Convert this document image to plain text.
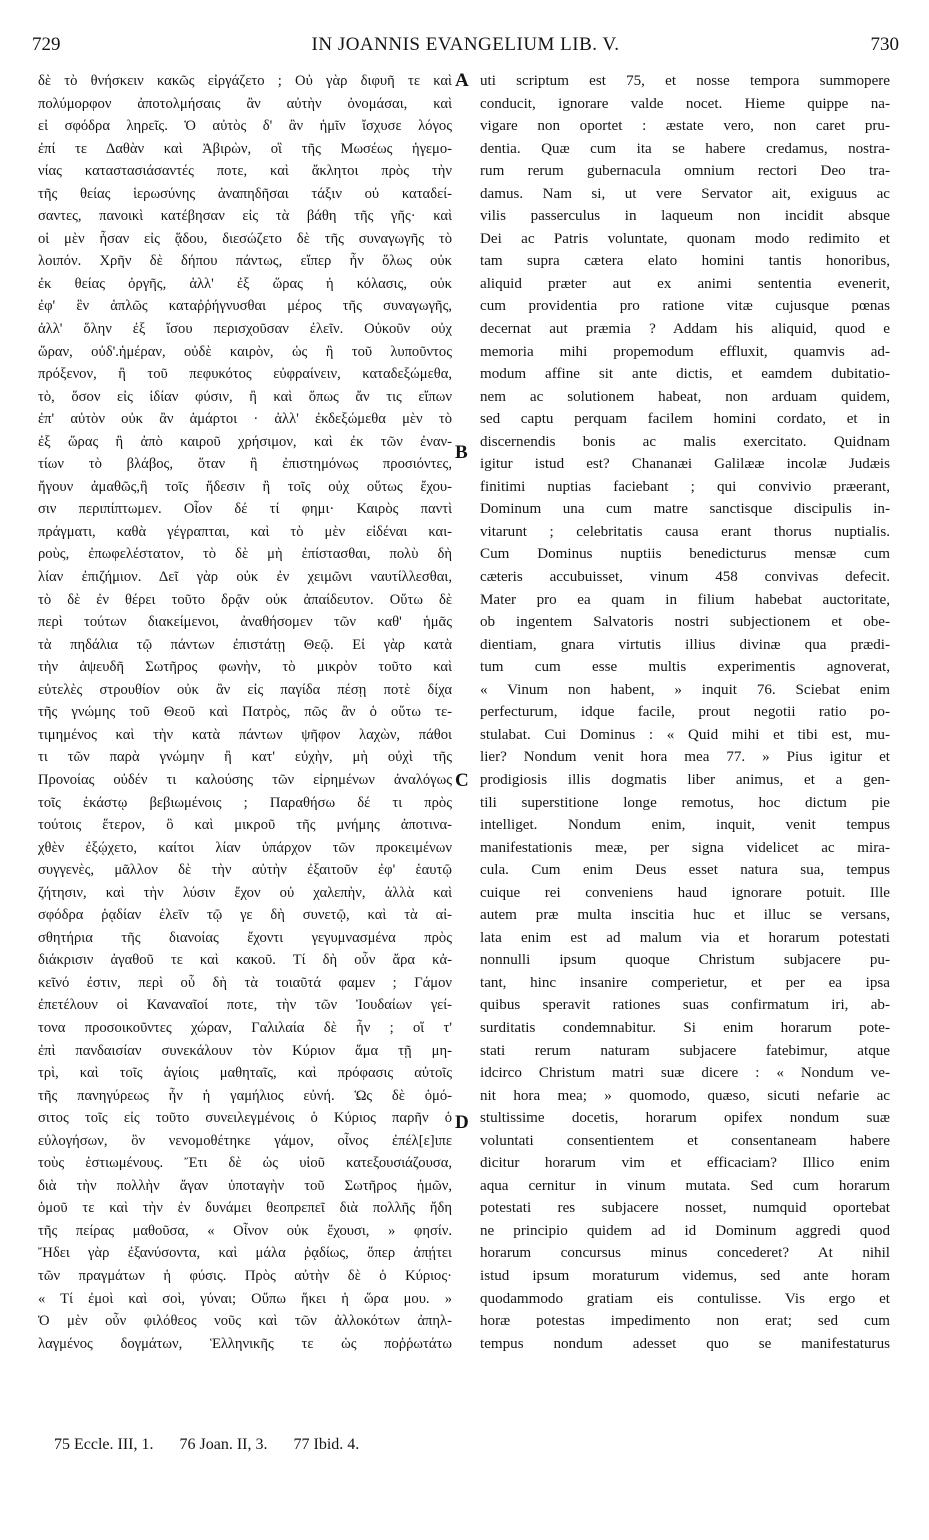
729	IN JOANNIS EVANGELIUM LIB. V.	730
δὲ τὸ θνήσκειν κακῶς εἰργάζετο ; Οὐ γὰρ διφυῆ τε καὶ
πολύμορφον ἀποτολμήσαις ἂν αὐτὴν ὀνομάσαι, καὶ
εἰ σφόδρα ληρεῖς. Ὁ αὐτὸς δ' ἂν ἡμῖν ἴσχυσε λόγος
ἐπί τε Δαθὰν καὶ Ἀβιρὼν, οἳ τῆς Μωσέως ἡγεμο-
νίας καταστασιάσαντές ποτε, καὶ ἄκλητοι πρὸς τὴν
τῆς θείας ἱερωσύνης ἀναπηδῆσαι τάξιν οὐ καταδεί-
σαντες, πανοικὶ κατέβησαν εἰς τὰ βάθη τῆς γῆς· καὶ
οἱ μὲν ἦσαν εἰς ᾅδου, διεσώζετο δὲ τῆς συναγωγῆς τὸ
λοιπόν. Χρῆν δὲ δήπου πάντως, εἴπερ ἦν ὅλως οὐκ
ἐκ θείας ὀργῆς, ἀλλ' ἐξ ὥρας ἡ κόλασις, οὐκ
ἐφ' ἓν ἁπλῶς καταῤῥήγνυσθαι μέρος τῆς συναγωγῆς,
ἀλλ' ὅλην ἐξ ἴσου περισχοῦσαν ἐλεῖν. Οὐκοῦν οὐχ
ὥραν, οὐδ'.ἡμέραν, οὐδὲ καιρὸν, ὡς ἢ τοῦ λυποῦντος
πρόξενον, ἢ τοῦ πεφυκότος εὐφραίνειν, καταδεξώμεθα,
τὸ, ὅσον εἰς ἰδίαν φύσιν, ἢ καὶ ὅπως ἄν τις εἴπων
ἐπ' αὐτὸν οὐκ ἂν ἁμάρτοι · ἀλλ' ἐκδεξώμεθα μὲν τὸ
ἐξ ὥρας ἢ ἀπὸ καιροῦ χρήσιμον, καὶ ἐκ τῶν ἐναν-
τίων τὸ βλάβος, ὅταν ἢ ἐπιστημόνως προσιόντες,
ἤγουν ἀμαθῶς,ἢ τοῖς ἥδεσιν ἢ τοῖς οὐχ οὕτως ἔχου-
σιν περιπίπτωμεν. Οἷον δέ τί φημι· Καιρὸς παντὶ
πράγματι, καθὰ γέγραπται, καὶ τὸ μὲν εἰδέναι και-
ροὺς, ἐπωφελέστατον, τὸ δὲ μὴ ἐπίστασθαι, πολὺ δὴ
λίαν ἐπιζήμιον. Δεῖ γὰρ οὐκ ἐν χειμῶνι ναυτίλλεσθαι,
τὸ δὲ ἐν θέρει τοῦτο δρᾷν οὐκ ἀπαίδευτον. Οὕτω δὲ
περὶ τούτων διακείμενοι, ἀναθήσομεν τῶν καθ' ἡμᾶς
τὰ πηδάλια τῷ πάντων ἐπιστάτῃ Θεῷ. Εἰ γὰρ κατὰ
τὴν ἀψευδῆ Σωτῆρος φωνὴν, τὸ μικρὸν τοῦτο καὶ
εὐτελὲς στρουθίον οὐκ ἂν εἰς παγίδα πέσῃ ποτὲ δίχα
τῆς γνώμης τοῦ Θεοῦ καὶ Πατρὸς, πῶς ἂν ὁ οὕτω τε-
τιμημένος καὶ τὴν κατὰ πάντων ψῆφον λαχὼν, πάθοι
τι τῶν παρὰ γνώμην ἢ κατ' εὐχὴν, μὴ οὐχὶ τῆς
Προνοίας οὐδέν τι καλούσης τῶν εἱρημένων ἀναλόγως
τοῖς ἑκάστῳ βεβιωμένοις ; Παραθήσω δέ τι πρὸς
τούτοις ἕτερον, ὃ καὶ μικροῦ τῆς μνήμης ἀποτινα-
χθὲν ἐξῴχετο, καίτοι λίαν ὑπάρχον τῶν προκειμένων
συγγενὲς, μᾶλλον δὲ τὴν αὐτὴν ἐξαιτοῦν ἐφ' ἑαυτῷ
ζήτησιν, καὶ τὴν λύσιν ἔχον οὐ χαλεπὴν, ἀλλὰ καὶ
σφόδρα ῥᾳδίαν ἑλεῖν τῷ γε δὴ συνετῷ, καὶ τὰ αἰ-
σθητήρια τῆς διανοίας ἔχοντι γεγυμνασμένα πρὸς
διάκρισιν ἀγαθοῦ τε καὶ κακοῦ. Τί δὴ οὖν ἄρα κἀ-
κεῖνό ἐστιν, περὶ οὗ δὴ τὰ τοιαῦτά φαμεν ; Γάμον
ἐπετέλουν οἱ Καναναῖοί ποτε, τὴν τῶν Ἰουδαίων γεί-
τονα προσοικοῦντες χώραν, Γαλιλαία δὲ ἦν ; οἵ τ'
ἐπὶ πανδαισίαν συνεκάλουν τὸν Κύριον ἅμα τῇ μη-
τρὶ, καὶ τοῖς ἁγίοις μαθηταῖς, καὶ πρόφασις αὐτοῖς
τῆς πανηγύρεως ἦν ἡ γαμήλιος εὐνή. Ὡς δὲ ὁμό-
σιτος τοῖς εἰς τοῦτο συνειλεγμένοις ὁ Κύριος παρῆν ὁ
εὐλογήσων, ὃν νενομοθέτηκε γάμον, οἶνος ἐπέλ[ε]ιπε
τοὺς ἑστιωμένους. Ἔτι δὲ ὡς υἱοῦ κατεξουσιάζουσα,
διὰ τὴν πολλὴν ἄγαν ὑποταγὴν τοῦ Σωτῆρος ἡμῶν,
ὁμοῦ τε καὶ τὴν ἐν δυνάμει θεοπρεπεῖ διὰ πολλῆς ἤδη
τῆς πείρας μαθοῦσα, « Οἶνον οὐκ ἔχουσι, » φησίν.
Ἤδει γὰρ ἐξανύσοντα, καὶ μάλα ῥᾳδίως, ὅπερ ἀπῄτει
τῶν πραγμάτων ἡ φύσις. Πρὸς αὐτὴν δὲ ὁ Κύριος·
« Τί ἐμοὶ καὶ σοὶ, γύναι; Οὔπω ἥκει ἡ ὥρα μου. »
Ὁ μὲν οὖν φιλόθεος νοῦς καὶ τῶν ἀλλοκότων ἀπηλ-
λαγμένος δογμάτων, Ἑλληνικῆς τε ὡς ποῤῥωτάτω
uti scriptum est 75, et nosse tempora summopere
conducit, ignorare valde nocet. Hieme quippe na-
vigare non oportet : æstate vero, non caret pru-
dentia. Quæ cum ita se habere credamus, nostra-
rum rerum gubernacula omnium rectori Deo tra-
damus. Nam si, ut vere Servator ait, exiguus ac
vilis passerculus in laqueum non incidit absque
Dei ac Patris voluntate, quonam modo redimito et
tam supra cætera elato homini tantis honoribus,
aliquid præter aut ex animi sententia evenerit,
cum providentia pro ratione vitæ cujusque pœnas
decernat aut præmia ? Addam his aliquid, quod e
memoria mihi propemodum effluxit, quamvis ad-
modum affine sit ante dictis, et eamdem dubitatio-
nem ac solutionem habeat, non arduam quidem,
sed captu perquam facilem homini cordato, et in
discernendis bonis ac malis exercitato. Quidnam
igitur istud est? Chananæi Galilææ incolæ Judæis
finitimi nuptias faciebant ; qui convivio præerant,
Dominum una cum matre sanctisque discipulis in-
vitarunt ; celebritatis causa erant thorus nuptialis.
Cum Dominus nuptiis benedicturus mensæ cum
cæteris accubuisset, vinum 458 convivas defecit.
Mater pro ea quam in filium habebat auctoritate,
ob ingentem Salvatoris nostri subjectionem et obe-
dientiam, gnara virtutis illius divinæ qua prædi-
tum cum esse multis experimentis agnoverat,
« Vinum non habent, » inquit 76. Sciebat enim
perfecturum, idque facile, prout negotii ratio po-
stulabat. Cui Dominus : « Quid mihi et tibi est, mu-
lier? Nondum venit hora mea 77. » Pius igitur et
prodigiosis illis dogmatis liber animus, et a gen-
tili superstitione longe remotus, hoc dictum pie
intelliget. Nondum enim, inquit, venit tempus
manifestationis meæ, per signa videlicet ac mira-
cula. Cum enim Deus esset natura sua, tempus
cuique rei conveniens haud ignorare potuit. Ille
autem præ multa inscitia huc et illuc se versans,
lata enim est ad malum via et horarum potestati
nonnulli ipsum quoque Christum subjacere pu-
tant, hinc insanire comperietur, et per ea ipsa
quibus speravit rationes suas confirmatum iri, ab-
surditatis condemnabitur. Si enim horarum pote-
stati rerum naturam subjacere fatebimur, atque
idcirco Christum matri suæ dicere : « Nondum ve-
nit hora mea; » quomodo, quæso, sicuti nefarie ac
stultissime docetis, horarum opifex nondum suæ
voluntati consentientem et consentaneam habere
dicitur horarum vim et efficaciam? Illico enim
aqua cernitur in vinum mutata. Sed cum horarum
potestati res subjacere nosset, numquid oportebat
ne principio quidem ad id Dominum aggredi quod
horarum concursus minus concederet? At nihil
istud ipsum moraturum videmus, sed ante horam
quodammodo gratiam eis contulisse. Vis ergo et
horæ potestas impedimento non erat; sed cum
tempus nondum adesset quo se manifestaturus
A
B
C
D
75 Eccle. III, 1. 76 Joan. II, 3. 77 Ibid. 4.
